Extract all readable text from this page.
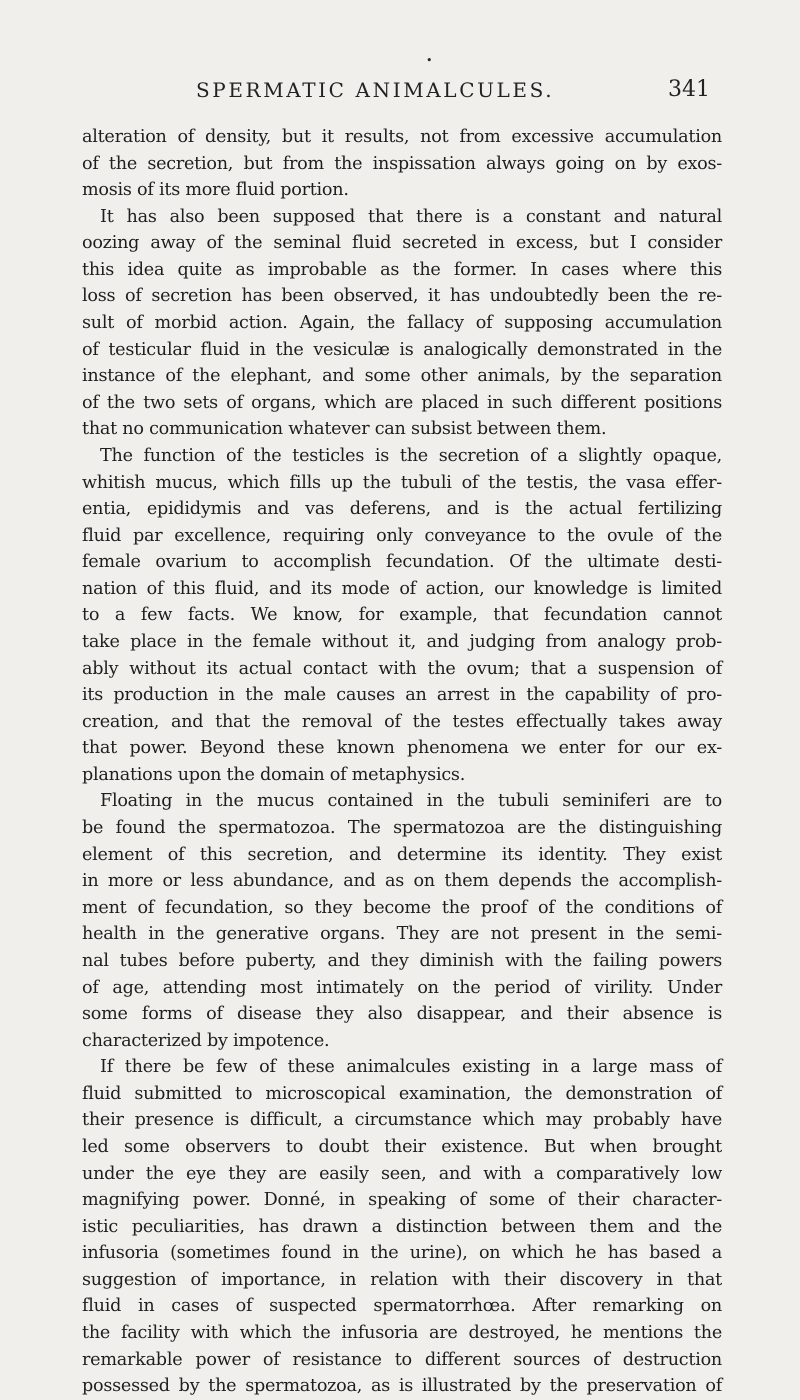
•
SPERMATIC ANIMALCULES.	341
alteration of density, but it results, not from excessive accumulation
of the secretion, but from the inspissation always going on by exos-
mosis of its more fluid portion.
It has also been supposed that there is a constant and natural
oozing away of the seminal fluid secreted in excess, but I consider
this idea quite as improbable as the former. In cases where this
loss of secretion has been observed, it has undoubtedly been the re-
sult of morbid action. Again, the fallacy of supposing accumulation
of testicular fluid in the vesiculæ is analogically demonstrated in the
instance of the elephant, and some other animals, by the separation
of the two sets of organs, which are placed in such different positions
that no communication whatever can subsist between them.
The function of the testicles is the secretion of a slightly opaque,
whitish mucus, which fills up the tubuli of the testis, the vasa effer-
entia, epididymis and vas deferens, and is the actual fertilizing
fluid par excellence, requiring only conveyance to the ovule of the
female ovarium to accomplish fecundation. Of the ultimate desti-
nation of this fluid, and its mode of action, our knowledge is limited
to a few facts. We know, for example, that fecundation cannot
take place in the female without it, and judging from analogy prob-
ably without its actual contact with the ovum; that a suspension of
its production in the male causes an arrest in the capability of pro-
creation, and that the removal of the testes effectually takes away
that power. Beyond these known phenomena we enter for our ex-
planations upon the domain of metaphysics.
Floating in the mucus contained in the tubuli seminiferi are to
be found the spermatozoa. The spermatozoa are the distinguishing
element of this secretion, and determine its identity. They exist
in more or less abundance, and as on them depends the accomplish-
ment of fecundation, so they become the proof of the conditions of
health in the generative organs. They are not present in the semi-
nal tubes before puberty, and they diminish with the failing powers
of age, attending most intimately on the period of virility. Under
some forms of disease they also disappear, and their absence is
characterized by impotence.
If there be few of these animalcules existing in a large mass of
fluid submitted to microscopical examination, the demonstration of
their presence is difficult, a circumstance which may probably have
led some observers to doubt their existence. But when brought
under the eye they are easily seen, and with a comparatively low
magnifying power. Donné, in speaking of some of their character-
istic peculiarities, has drawn a distinction between them and the
infusoria (sometimes found in the urine), on which he has based a
suggestion of importance, in relation with their discovery in that
fluid in cases of suspected spermatorrhœa. After remarking on
the facility with which the infusoria are destroyed, he mentions the
remarkable power of resistance to different sources of destruction
possessed by the spermatozoa, as is illustrated by the preservation of
